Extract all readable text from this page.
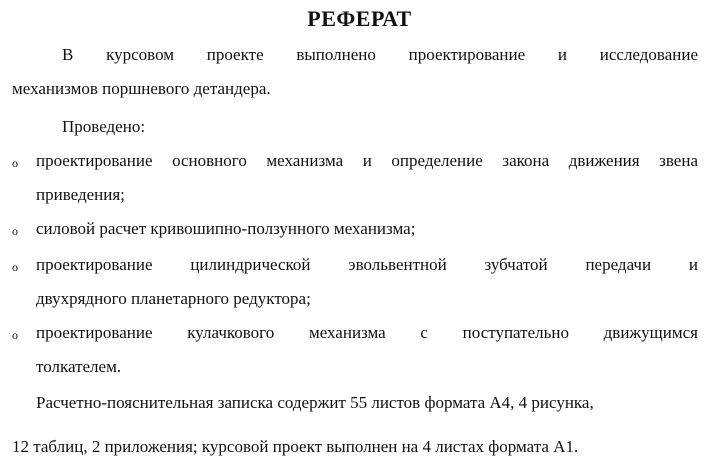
РЕФЕРАТ
В курсовом проекте выполнено проектирование и исследование
механизмов поршневого детандера.
Проведено:
o проектирование основного механизма и определение закона движения звена
приведения;
o силовой расчет кривошипно-ползунного механизма;
o проектирование цилиндрической эвольвентной зубчатой передачи и
двухрядного планетарного редуктора;
o проектирование кулачкового механизма с поступательно движущимся
толкателем.
Расчетно-пояснительная записка содержит 55 листов формата А4, 4 рисунка,
12 таблиц, 2 приложения; курсовой проект выполнен на 4 листах формата А1.
